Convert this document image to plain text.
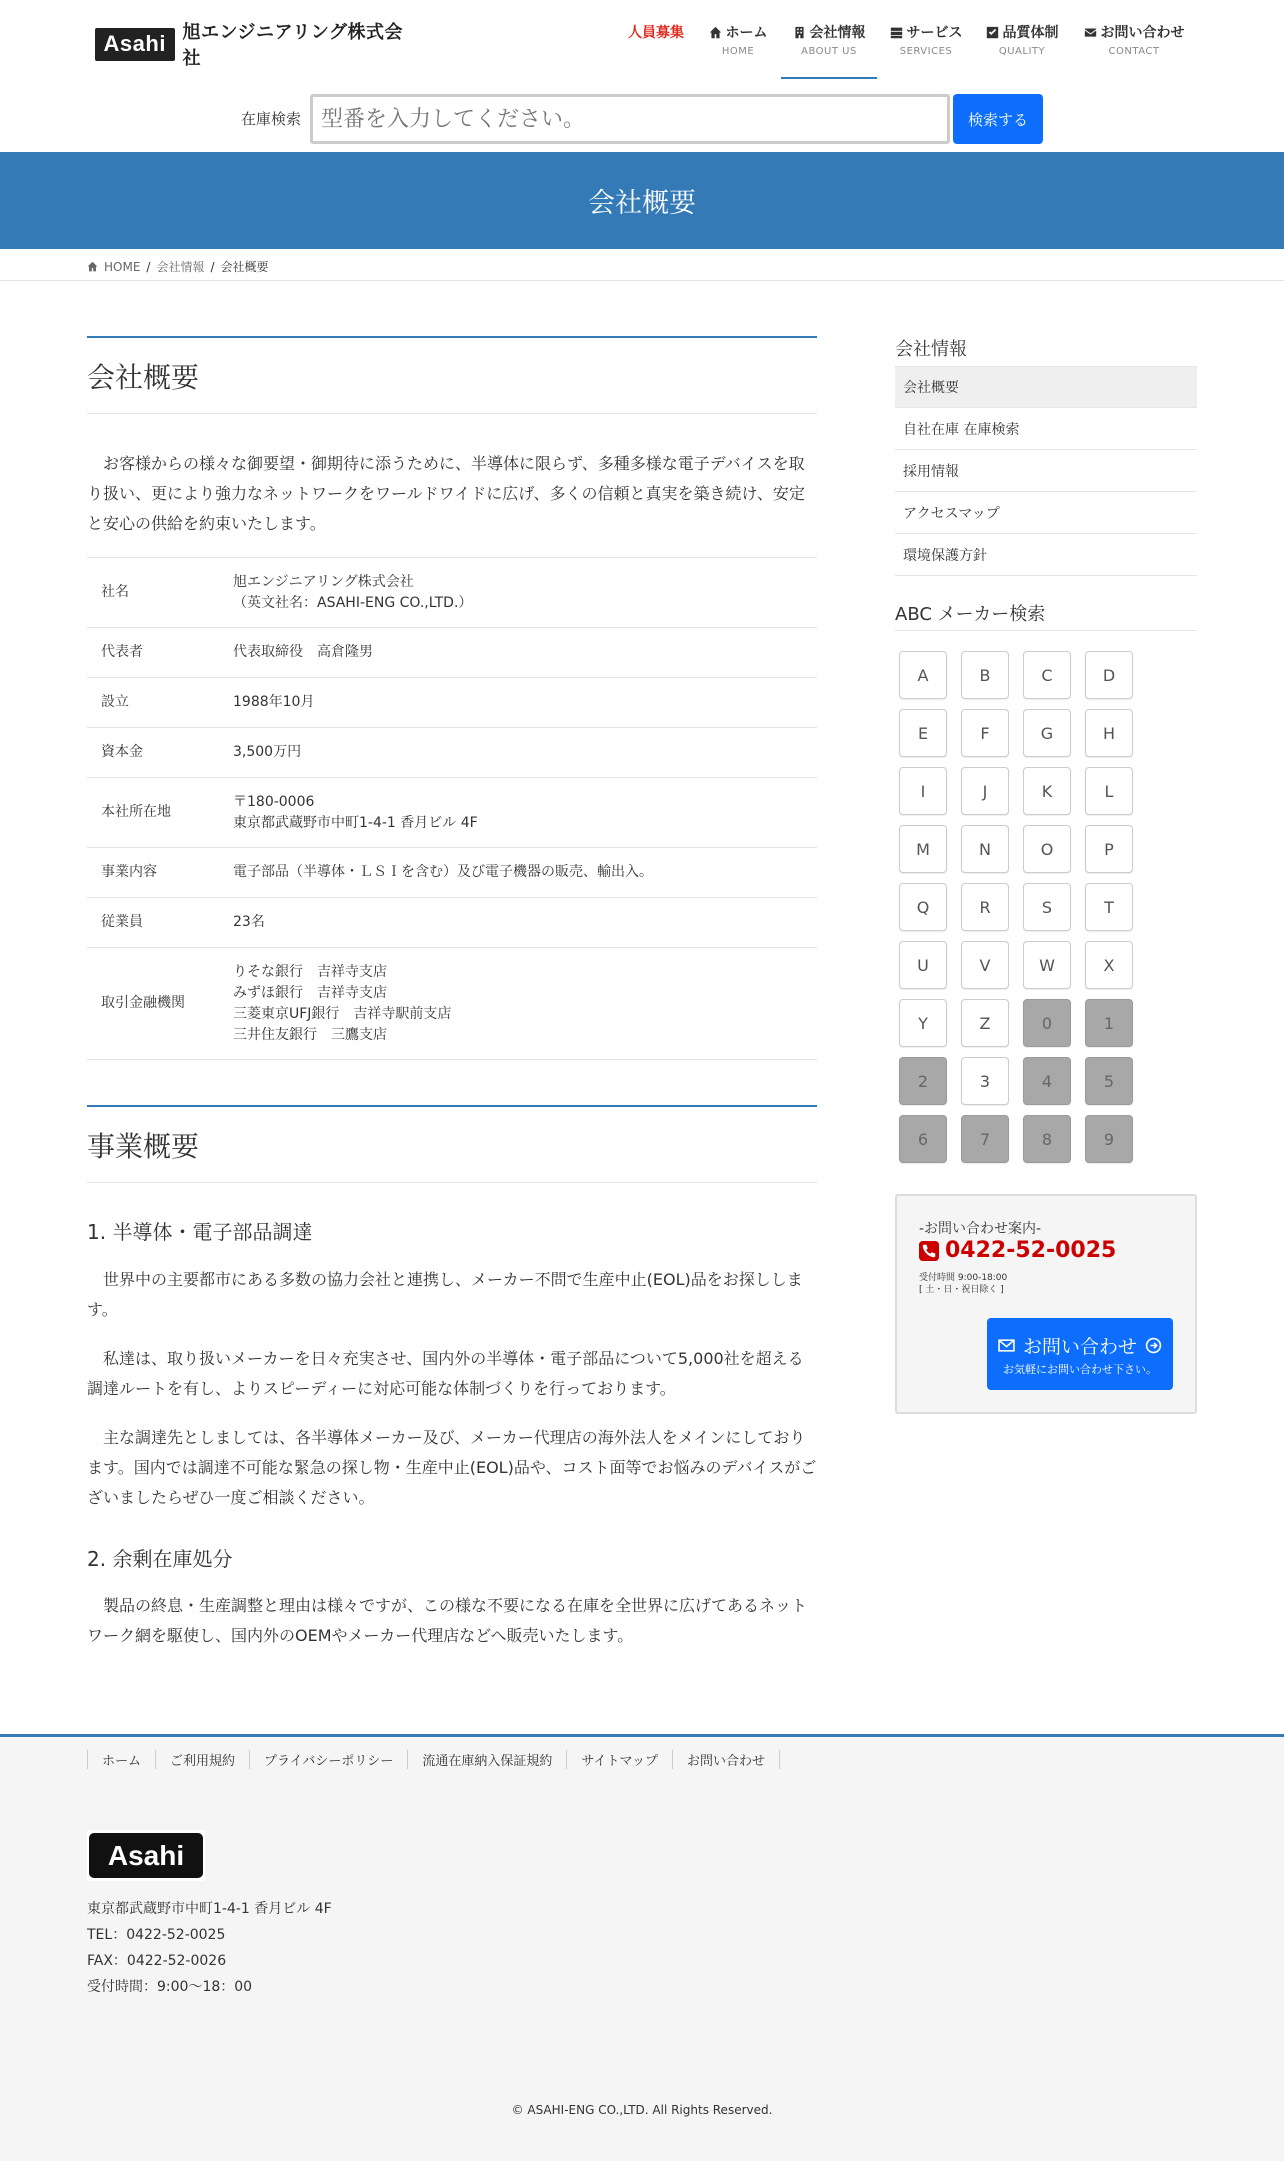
Asahi 旭エンジニアリング株式会社
人員募集	ホーム
HOME
会社情報
ABOUT US
サービス
SERVICES
品質体制
QUALITY
お問い合わせ
CONTACT
在庫検索
型番を入力してください。	検索する
会社概要
HOME / 会社情報 / 会社概要
会社概要
　お客様からの様々な御要望・御期待に添うために、半導体に限らず、多種多様な電子デバイスを取り扱い、更により強力なネットワークをワールドワイドに広げ、多くの信頼と真実を築き続け、安定と安心の供給を約束いたします。
社名	旭エンジニアリング株式会社
（英文社名：ASAHI-ENG CO.,LTD.）

代表者	代表取締役　高倉隆男

設立	1988年10月

資本金	3,500万円

本社所在地	〒180-0006
東京都武蔵野市中町1-4-1 香月ビル 4F

事業内容	電子部品（半導体・ＬＳＩを含む）及び電子機器の販売、輸出入。

従業員	23名

取引金融機関	りそな銀行　吉祥寺支店
みずほ銀行　吉祥寺支店
三菱東京UFJ銀行　吉祥寺駅前支店
三井住友銀行　三鷹支店
事業概要
1. 半導体・電子部品調達
　世界中の主要都市にある多数の協力会社と連携し、メーカー不問で生産中止(EOL)品をお探しします。
　私達は、取り扱いメーカーを日々充実させ、国内外の半導体・電子部品について5,000社を超える調達ルートを有し、よりスピーディーに対応可能な体制づくりを行っております。
　主な調達先としましては、各半導体メーカー及び、メーカー代理店の海外法人をメインにしております。国内では調達不可能な緊急の探し物・生産中止(EOL)品や、コスト面等でお悩みのデバイスがございましたらぜひ一度ご相談ください。
2. 余剰在庫処分
　製品の終息・生産調整と理由は様々ですが、この様な不要になる在庫を全世界に広げてあるネットワーク網を駆使し、国内外のOEMやメーカー代理店などへ販売いたします。
会社情報
会社概要
自社在庫 在庫検索
採用情報
アクセスマップ
環境保護方針
ABC メーカー検索
A	B	C	D
E	F	G	H
I	J	K	L
M	N	O	P
Q	R	S	T
U	V	W	X
Y	Z	0	1
2	3	4	5
6	7	8	9
-お問い合わせ案内-
0422-52-0025
受付時間 9:00-18:00
[ 土・日・祝日除く ]
お問い合わせ
お気軽にお問い合わせ下さい。
ホーム	ご利用規約	プライバシーポリシー	流通在庫納入保証規約	サイトマップ	お問い合わせ
Asahi
東京都武蔵野市中町1-4-1 香月ビル 4F
TEL：0422-52-0025
FAX：0422-52-0026
受付時間：9:00～18：00
© ASAHI-ENG CO.,LTD. All Rights Reserved.
